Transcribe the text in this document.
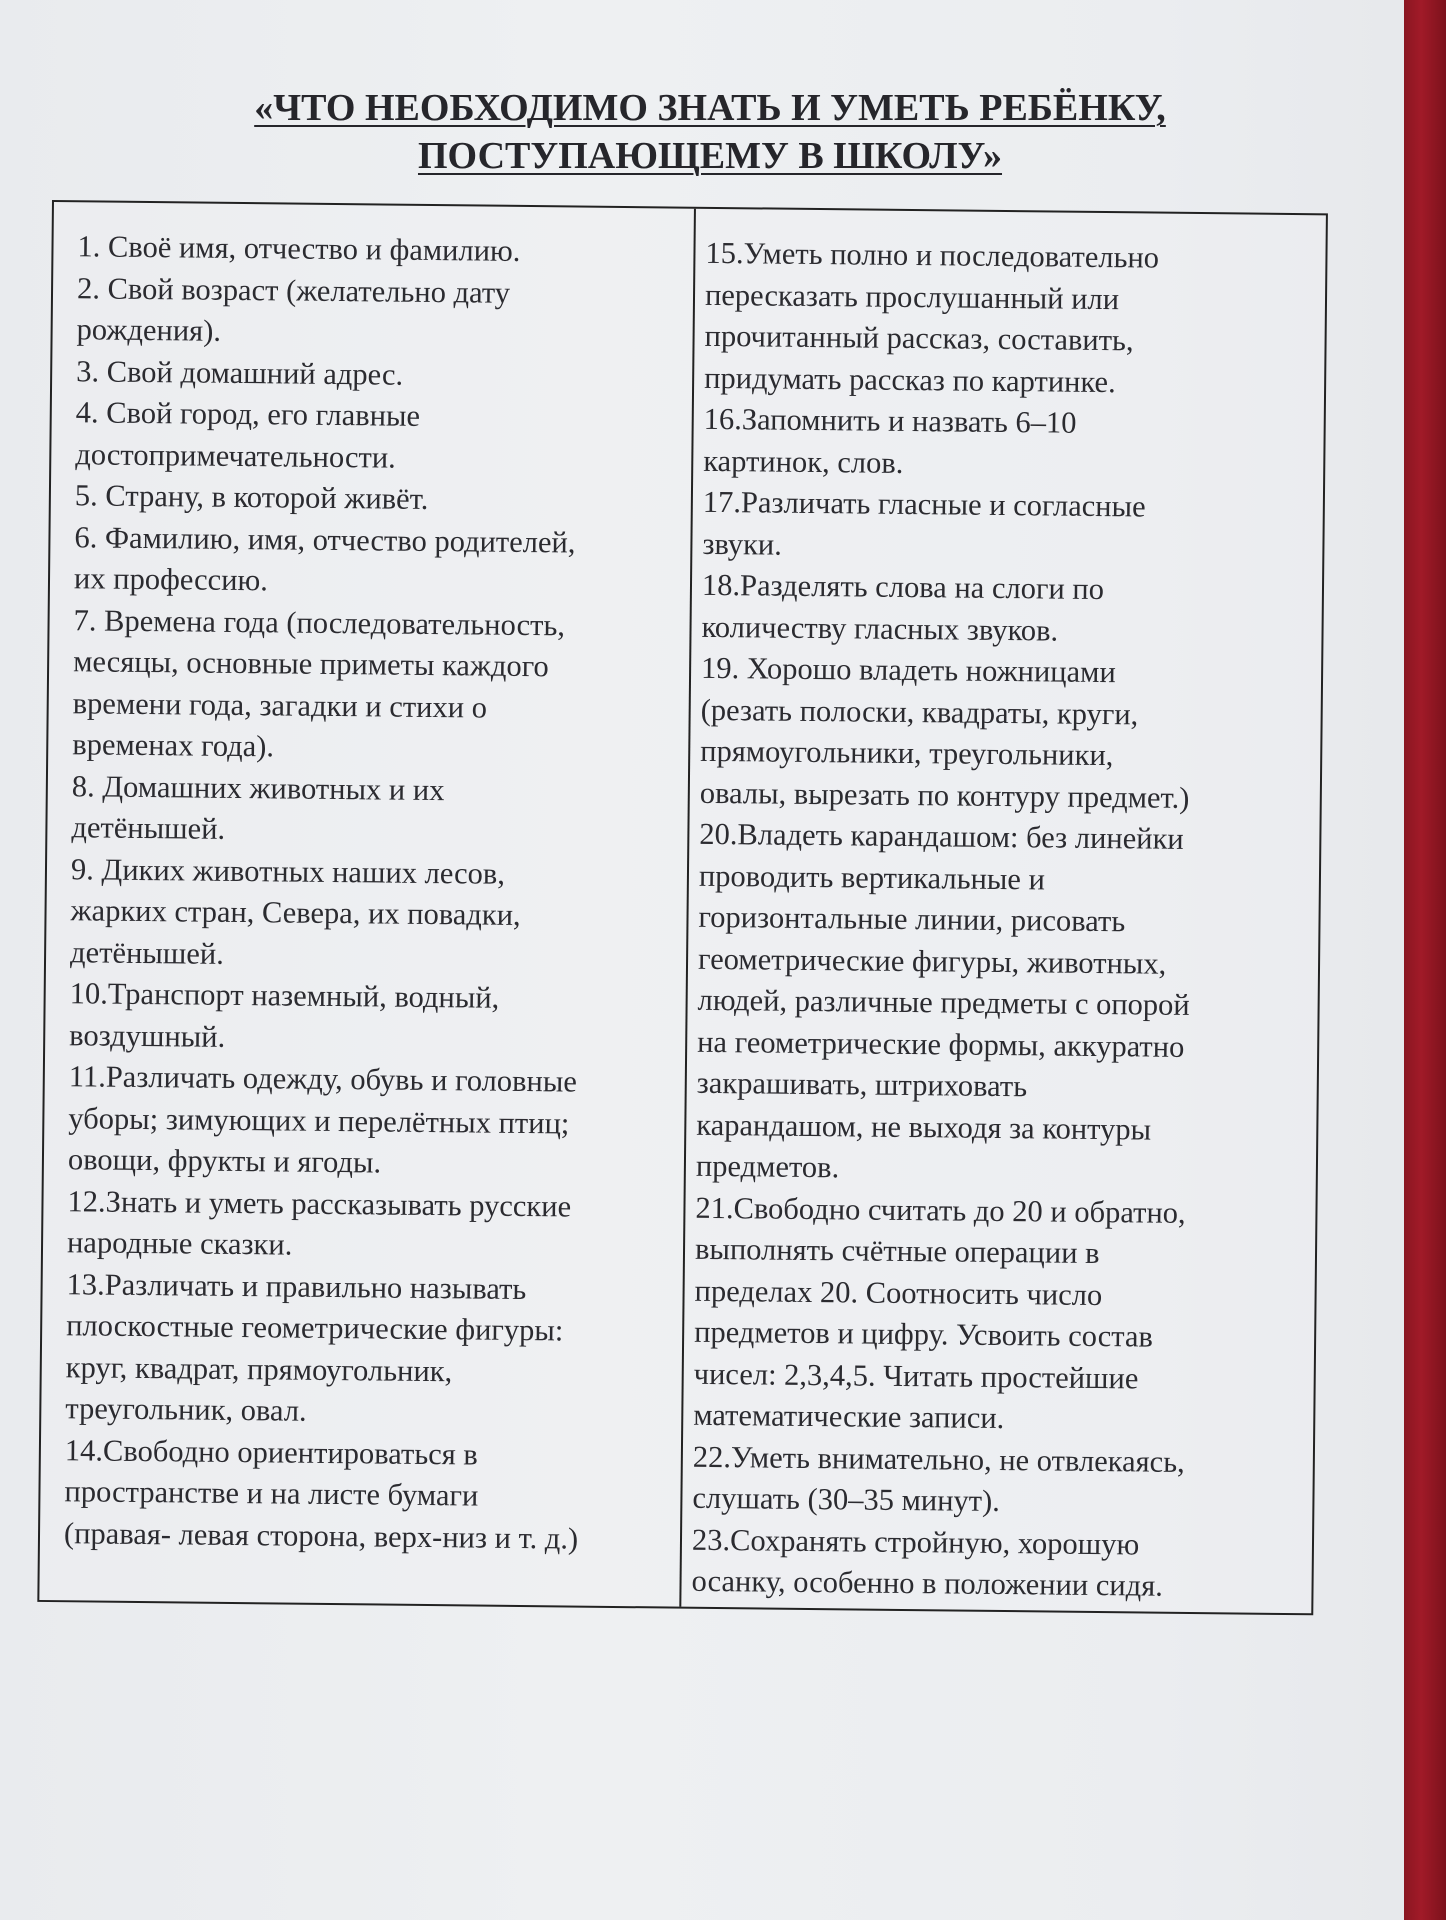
«ЧТО НЕОБХОДИМО ЗНАТЬ И УМЕТЬ РЕБЁНКУ,
ПОСТУПАЮЩЕМУ В ШКОЛУ»

1. Своё имя, отчество и фамилию.

2. Свой возраст (желательно дату
рождения).

3. Свой домашний адрес.

4. Свой город, его главные
достопримечательности.

5. Страну, в которой живёт.

6. Фамилию, имя, отчество родителей,
их профессию.

7. Времена года (последовательность,
месяцы, основные приметы каждого
времени года, загадки и стихи о
временах года).

8. Домашних животных и их
детёнышей.

9. Диких животных наших лесов,
жарких стран, Севера, их повадки,
детёнышей.

10.Транспорт наземный, водный,
воздушный.

11.Различать одежду, обувь и головные
уборы; зимующих и перелётных птиц;
овощи, фрукты и ягоды.

12.Знать и уметь рассказывать русские
народные сказки.

13.Различать и правильно называть
плоскостные геометрические фигуры:
круг, квадрат, прямоугольник,
треугольник, овал.

14.Свободно ориентироваться в
пространстве и на листе бумаги
(правая- левая сторона, верх-низ и т. д.)

15.Уметь полно и последовательно
пересказать прослушанный или
прочитанный рассказ, составить,
придумать рассказ по картинке.

16.Запомнить и назвать 6–10
картинок, слов.

17.Различать гласные и согласные
звуки.

18.Разделять слова на слоги по
количеству гласных звуков.

19. Хорошо владеть ножницами
(резать полоски, квадраты, круги,
прямоугольники, треугольники,
овалы, вырезать по контуру предмет.)

20.Владеть карандашом: без линейки
проводить вертикальные и
горизонтальные линии, рисовать
геометрические фигуры, животных,
людей, различные предметы с опорой
на геометрические формы, аккуратно
закрашивать, штриховать
карандашом, не выходя за контуры
предметов.

21.Свободно считать до 20 и обратно,
выполнять счётные операции в
пределах 20. Соотносить число
предметов и цифру. Усвоить состав
чисел: 2,3,4,5. Читать простейшие
математические записи.

22.Уметь внимательно, не отвлекаясь,
слушать (30–35 минут).

23.Сохранять стройную, хорошую
осанку, особенно в положении сидя.
